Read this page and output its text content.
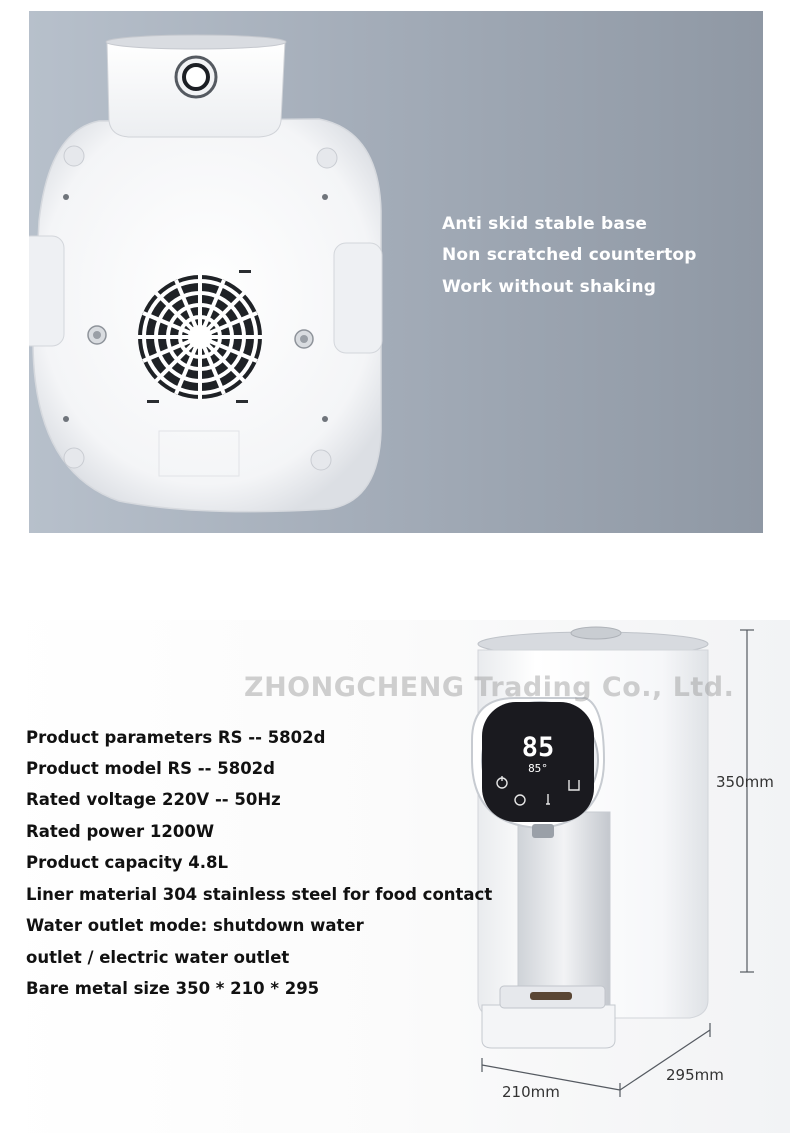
Anti skid stable base
Non scratched countertop
Work without shaking
85
85°
ZHONGCHENG Trading Co., Ltd.
Product parameters RS -- 5802d
Product model RS -- 5802d
Rated voltage 220V -- 50Hz
Rated power 1200W
Product capacity 4.8L
Liner material 304 stainless steel for food contact
Water outlet mode: shutdown water
outlet / electric water outlet
Bare metal size 350 * 210 * 295
350mm
210mm
295mm
